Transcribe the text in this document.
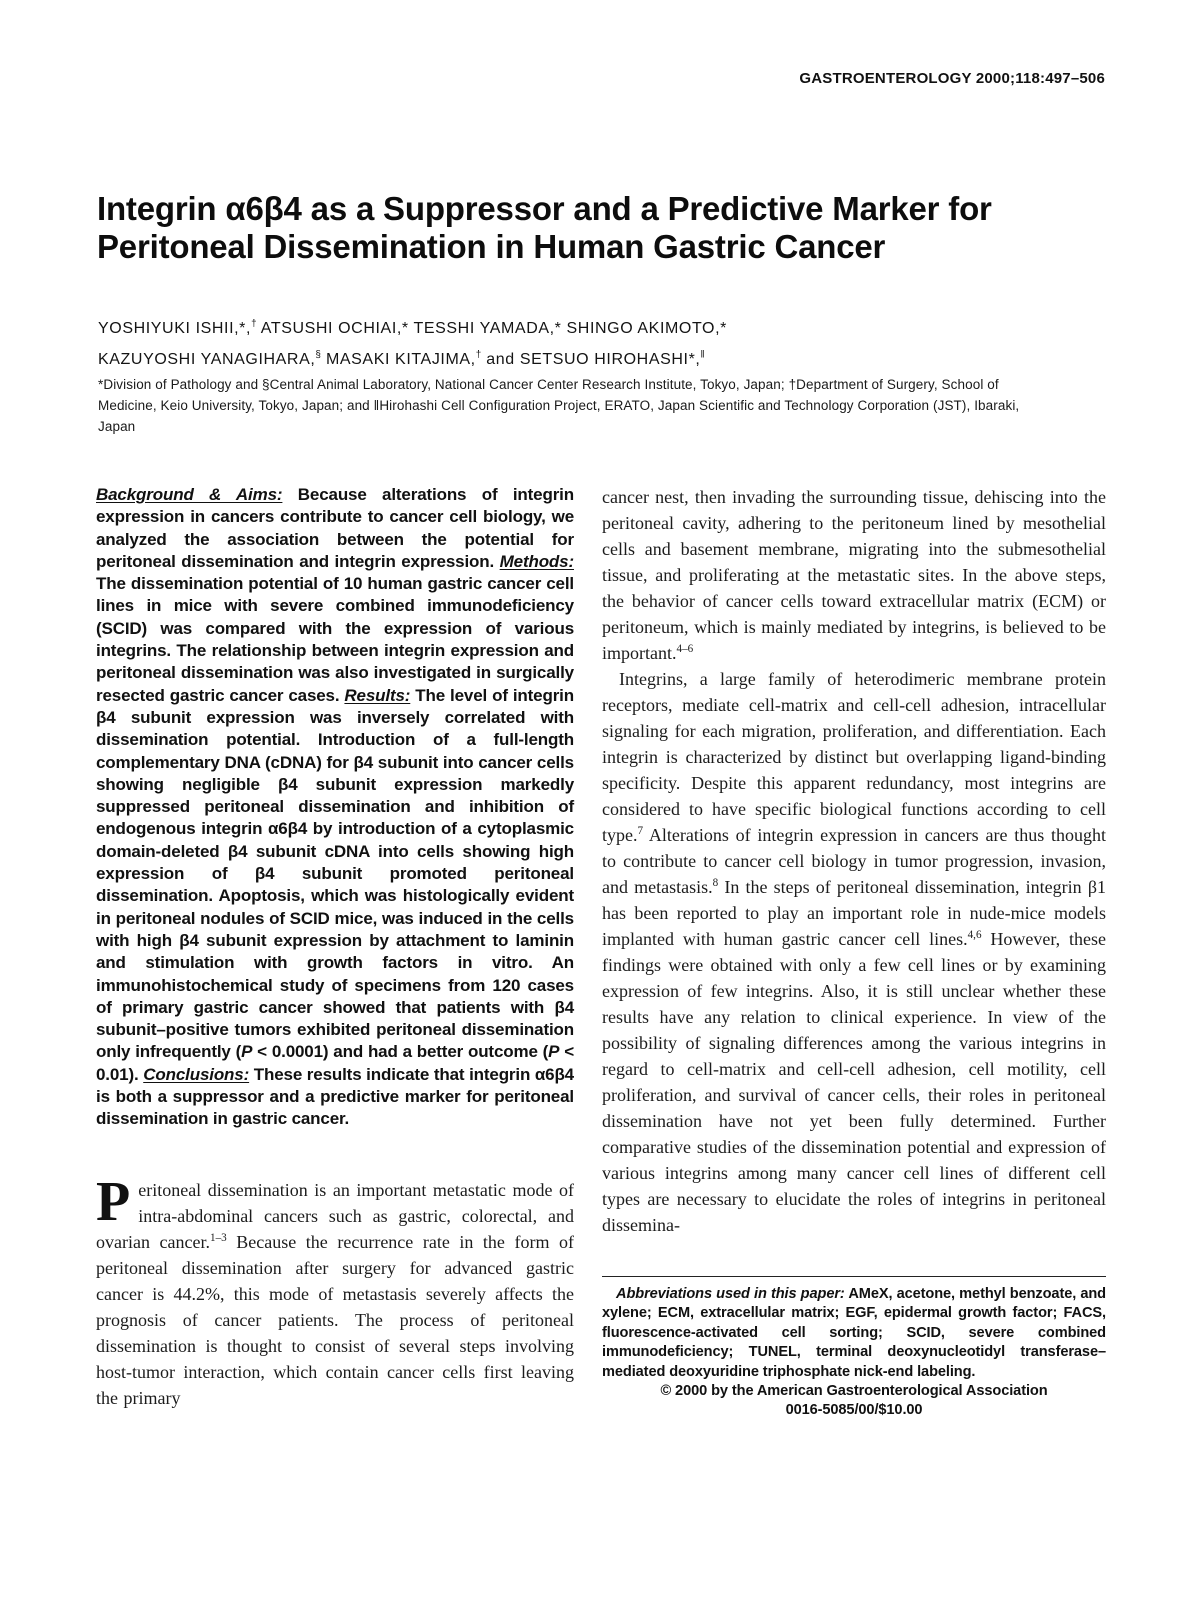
GASTROENTEROLOGY 2000;118:497–506
Integrin α6β4 as a Suppressor and a Predictive Marker for
Peritoneal Dissemination in Human Gastric Cancer
YOSHIYUKI ISHII,*,† ATSUSHI OCHIAI,* TESSHI YAMADA,* SHINGO AKIMOTO,*
KAZUYOSHI YANAGIHARA,§ MASAKI KITAJIMA,† and SETSUO HIROHASHI*,‖
*Division of Pathology and §Central Animal Laboratory, National Cancer Center Research Institute, Tokyo, Japan; †Department of Surgery, School of Medicine, Keio University, Tokyo, Japan; and ‖Hirohashi Cell Configuration Project, ERATO, Japan Scientific and Technology Corporation (JST), Ibaraki, Japan

Background & Aims: Because alterations of integrin expression in cancers contribute to cancer cell biology, we analyzed the association between the potential for peritoneal dissemination and integrin expression. Methods: The dissemination potential of 10 human gastric cancer cell lines in mice with severe combined immunodeficiency (SCID) was compared with the expression of various integrins. The relationship between integrin expression and peritoneal dissemination was also investigated in surgically resected gastric cancer cases. Results: The level of integrin β4 subunit expression was inversely correlated with dissemination potential. Introduction of a full-length complementary DNA (cDNA) for β4 subunit into cancer cells showing negligible β4 subunit expression markedly suppressed peritoneal dissemination and inhibition of endogenous integrin α6β4 by introduction of a cytoplasmic domain-deleted β4 subunit cDNA into cells showing high expression of β4 subunit promoted peritoneal dissemination. Apoptosis, which was histologically evident in peritoneal nodules of SCID mice, was induced in the cells with high β4 subunit expression by attachment to laminin and stimulation with growth factors in vitro. An immunohistochemical study of specimens from 120 cases of primary gastric cancer showed that patients with β4 subunit–positive tumors exhibited peritoneal dissemination only infrequently (P < 0.0001) and had a better outcome (P < 0.01). Conclusions: These results indicate that integrin α6β4 is both a suppressor and a predictive marker for peritoneal dissemination in gastric cancer.

Peritoneal dissemination is an important metastatic mode of intra-abdominal cancers such as gastric, colorectal, and ovarian cancer.$^{1-3}$ Because the recurrence rate in the form of peritoneal dissemination after surgery for advanced gastric cancer is 44.2%, this mode of metastasis severely affects the prognosis of cancer patients. The process of peritoneal dissemination is thought to consist of several steps involving host-tumor interaction, which contain cancer cells first leaving the primary

cancer nest, then invading the surrounding tissue, dehiscing into the peritoneal cavity, adhering to the peritoneum lined by mesothelial cells and basement membrane, migrating into the submesothelial tissue, and proliferating at the metastatic sites. In the above steps, the behavior of cancer cells toward extracellular matrix (ECM) or peritoneum, which is mainly mediated by integrins, is believed to be important.$^{4-6}$

Integrins, a large family of heterodimeric membrane protein receptors, mediate cell-matrix and cell-cell adhesion, intracellular signaling for each migration, proliferation, and differentiation. Each integrin is characterized by distinct but overlapping ligand-binding specificity. Despite this apparent redundancy, most integrins are considered to have specific biological functions according to cell type.$^7$ Alterations of integrin expression in cancers are thus thought to contribute to cancer cell biology in tumor progression, invasion, and metastasis.$^8$ In the steps of peritoneal dissemination, integrin β1 has been reported to play an important role in nude-mice models implanted with human gastric cancer cell lines.$^{4,6}$ However, these findings were obtained with only a few cell lines or by examining expression of few integrins. Also, it is still unclear whether these results have any relation to clinical experience. In view of the possibility of signaling differences among the various integrins in regard to cell-matrix and cell-cell adhesion, cell motility, cell proliferation, and survival of cancer cells, their roles in peritoneal dissemination have not yet been fully determined. Further comparative studies of the dissemination potential and expression of various integrins among many cancer cell lines of different cell types are necessary to elucidate the roles of integrins in peritoneal dissemina-

Abbreviations used in this paper: AMeX, acetone, methyl benzoate, and xylene; ECM, extracellular matrix; EGF, epidermal growth factor; FACS, fluorescence-activated cell sorting; SCID, severe combined immunodeficiency; TUNEL, terminal deoxynucleotidyl transferase–mediated deoxyuridine triphosphate nick-end labeling.

© 2000 by the American Gastroenterological Association

0016-5085/00/$10.00
